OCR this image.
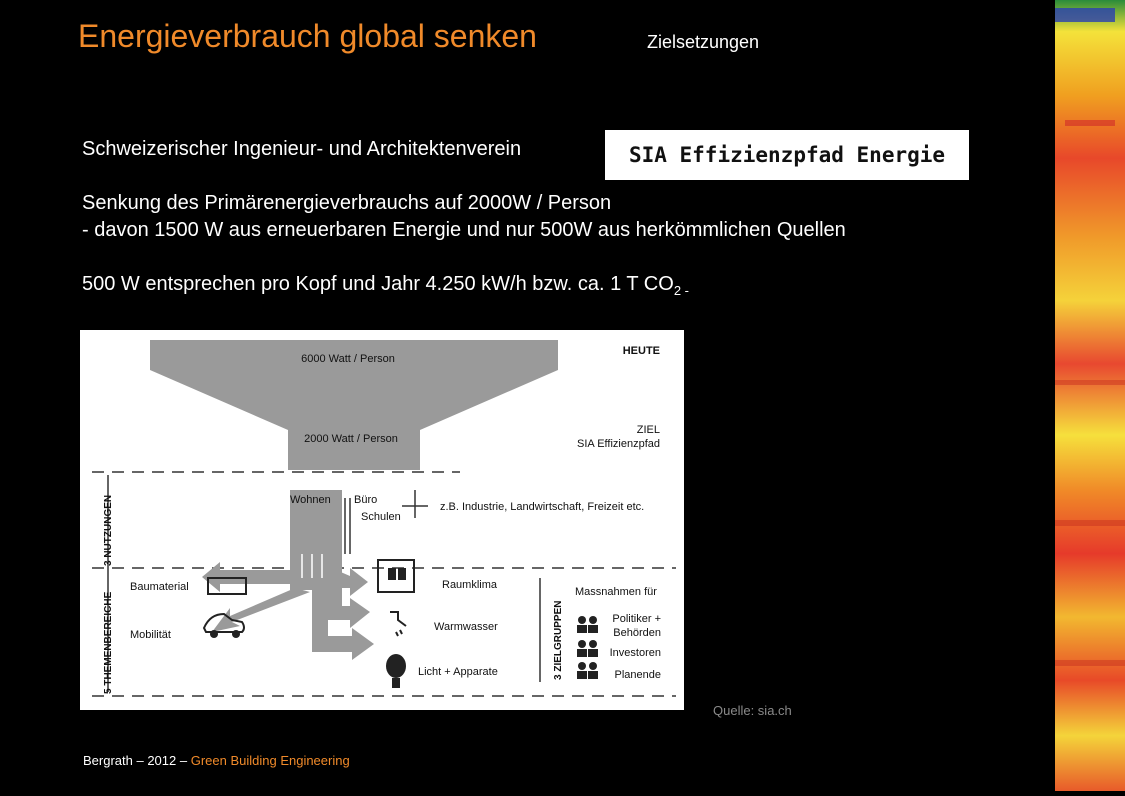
Energieverbrauch global senken	Zielsetzungen
Schweizerischer Ingenieur- und Architektenverein	SIA Effizienzpfad Energie
Senkung des Primärenergieverbrauchs auf 2000W / Person
- davon 1500 W aus erneuerbaren Energie und nur 500W aus herkömmlichen Quellen
500 W entsprechen pro Kopf und Jahr 4.250 kW/h bzw. ca. 1 T $CO_{2 -}$
6000 Watt / Person
2000 Watt / Person
HEUTE
ZIEL
SIA Effizienzpfad
3 NUTZUNGEN
5 THEMENBEREICHE	3 ZIELGRUPPEN
Wohnen Büro
Schulen
z.B. Industrie, Landwirtschaft, Freizeit etc.
Baumaterial
Mobilität
Raumklima
Warmwasser
Licht + Apparate
Massnahmen für
Politiker +
Behörden
Investoren
Planende
Quelle: sia.ch
Bergrath – 2012 – Green Building Engineering
